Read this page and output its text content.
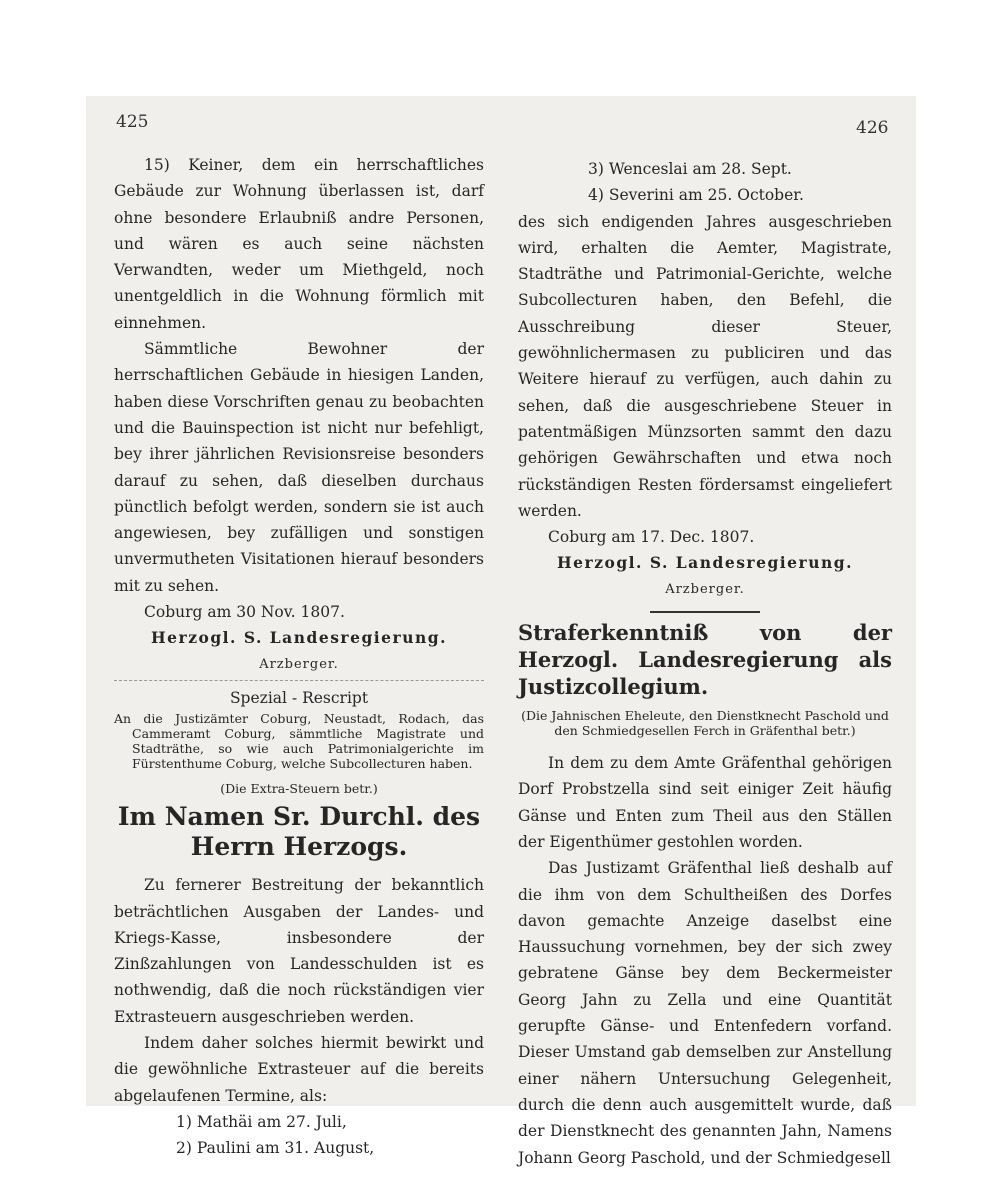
425	426

15) Keiner, dem ein herrschaftliches Gebäude zur Wohnung überlassen ist, darf ohne besondere Erlaubniß andre Personen, und wären es auch seine nächsten Verwandten, weder um Miethgeld, noch unentgeldlich in die Wohnung förmlich mit einnehmen.

Sämmtliche Bewohner der herrschaftlichen Gebäude in hiesigen Landen, haben diese Vorschriften genau zu beobachten und die Bauinspection ist nicht nur befehligt, bey ihrer jährlichen Revisionsreise besonders darauf zu sehen, daß dieselben durchaus pünctlich befolgt werden, sondern sie ist auch angewiesen, bey zufälligen und sonstigen unvermutheten Visitationen hierauf besonders mit zu sehen.

Coburg am 30 Nov. 1807.

Herzogl. S. Landesregierung.

Arzberger.

Spezial - Rescript

An die Justizämter Coburg, Neustadt, Rodach, das Cammeramt Coburg, sämmtliche Magistrate und Stadträthe, so wie auch Patrimonialgerichte im Fürstenthume Coburg, welche Subcollecturen haben.

(Die Extra-Steuern betr.)

Im Namen Sr. Durchl. des Herrn Herzogs.

Zu fernerer Bestreitung der bekanntlich beträchtlichen Ausgaben der Landes- und Kriegs-Kasse, insbesondere der Zinßzahlungen von Landesschulden ist es nothwendig, daß die noch rückständigen vier Extrasteuern ausgeschrieben werden.

Indem daher solches hiermit bewirkt und die gewöhnliche Extrasteuer auf die bereits abgelaufenen Termine, als:

1) Mathäi am 27. Juli,

2) Paulini am 31. August,

3) Wenceslai am 28. Sept.

4) Severini am 25. October.

des sich endigenden Jahres ausgeschrieben wird, erhalten die Aemter, Magistrate, Stadträthe und Patrimonial-Gerichte, welche Subcollecturen haben, den Befehl, die Ausschreibung dieser Steuer, gewöhnlichermasen zu publiciren und das Weitere hierauf zu verfügen, auch dahin zu sehen, daß die ausgeschriebene Steuer in patentmäßigen Münzsorten sammt den dazu gehörigen Gewährschaften und etwa noch rückständigen Resten fördersamst eingeliefert werden.

Coburg am 17. Dec. 1807.

Herzogl. S. Landesregierung.

Arzberger.

Straferkenntniß von der Herzogl. Landesregierung als Justizcollegium.

(Die Jahnischen Eheleute, den Dienstknecht Paschold und den Schmiedgesellen Ferch in Gräfenthal betr.)

In dem zu dem Amte Gräfenthal gehörigen Dorf Probstzella sind seit einiger Zeit häufig Gänse und Enten zum Theil aus den Ställen der Eigenthümer gestohlen worden.

Das Justizamt Gräfenthal ließ deshalb auf die ihm von dem Schultheißen des Dorfes davon gemachte Anzeige daselbst eine Haussuchung vornehmen, bey der sich zwey gebratene Gänse bey dem Beckermeister Georg Jahn zu Zella und eine Quantität gerupfte Gänse- und Entenfedern vorfand. Dieser Umstand gab demselben zur Anstellung einer nähern Untersuchung Gelegenheit, durch die denn auch ausgemittelt wurde, daß der Dienstknecht des genannten Jahn, Namens Johann Georg Paschold, und der Schmiedgesell
